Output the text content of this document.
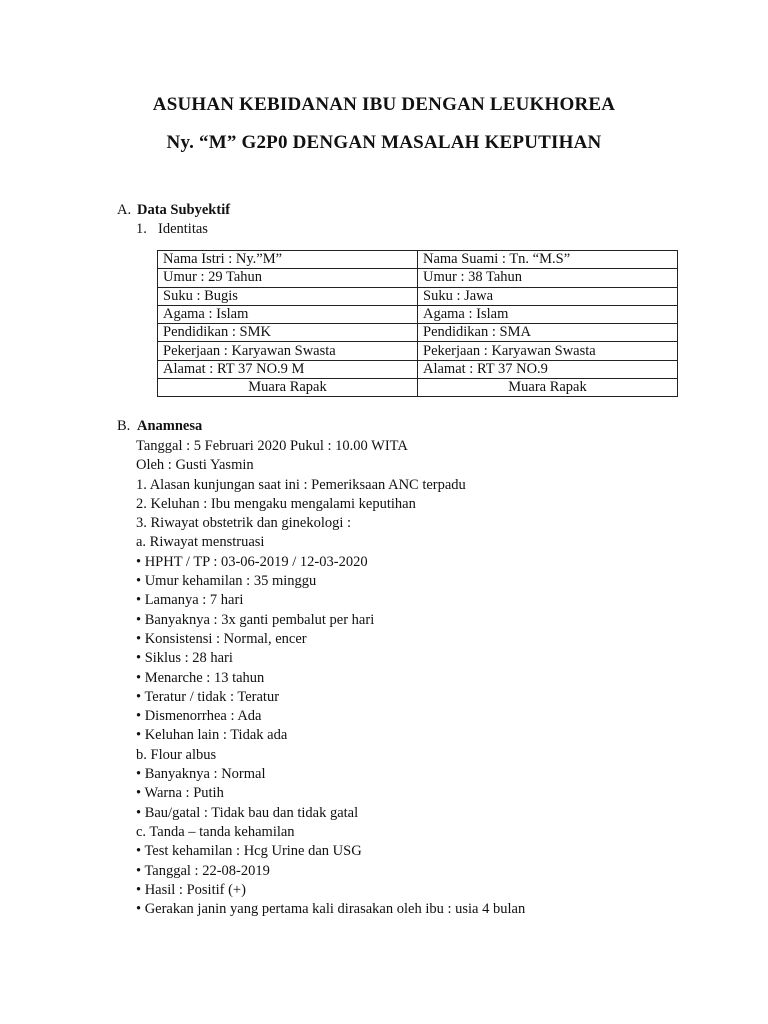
ASUHAN KEBIDANAN IBU DENGAN LEUKHOREA
Ny. “M” G2P0 DENGAN MASALAH KEPUTIHAN
A. Data Subyektif
1. Identitas
Nama Istri : Ny.”M”	Nama Suami : Tn. “M.S”
Umur : 29 Tahun	Umur : 38 Tahun
Suku : Bugis	Suku : Jawa
Agama : Islam	Agama : Islam
Pendidikan : SMK	Pendidikan : SMA
Pekerjaan : Karyawan Swasta	Pekerjaan : Karyawan Swasta
Alamat : RT 37 NO.9 M	Alamat : RT 37 NO.9
Muara Rapak	Muara Rapak
B. Anamnesa
Tanggal : 5 Februari 2020 Pukul : 10.00 WITA
Oleh : Gusti Yasmin
1. Alasan kunjungan saat ini : Pemeriksaan ANC terpadu
2. Keluhan : Ibu mengaku mengalami keputihan
3. Riwayat obstetrik dan ginekologi :
a. Riwayat menstruasi
• HPHT / TP : 03-06-2019 / 12-03-2020
• Umur kehamilan : 35 minggu
• Lamanya : 7 hari
• Banyaknya : 3x ganti pembalut per hari
• Konsistensi : Normal, encer
• Siklus : 28 hari
• Menarche : 13 tahun
• Teratur / tidak : Teratur
• Dismenorrhea : Ada
• Keluhan lain : Tidak ada
b. Flour albus
• Banyaknya : Normal
• Warna : Putih
• Bau/gatal : Tidak bau dan tidak gatal
c. Tanda – tanda kehamilan
• Test kehamilan : Hcg Urine dan USG
• Tanggal : 22-08-2019
• Hasil : Positif (+)
• Gerakan janin yang pertama kali dirasakan oleh ibu : usia 4 bulan
